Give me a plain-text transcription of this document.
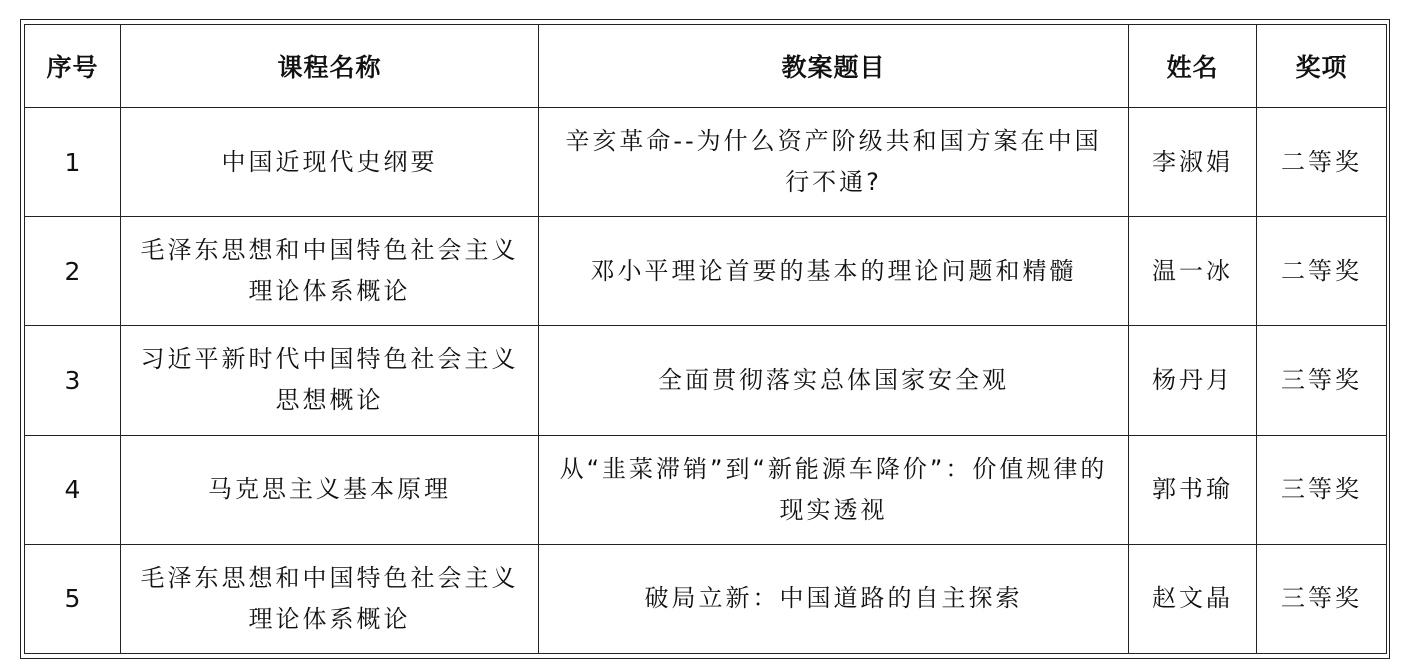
序号	课程名称	教案题目	姓名	奖项
1	中国近现代史纲要	辛亥革命--为什么资产阶级共和国方案在中国行不通?	李淑娟	二等奖
2	毛泽东思想和中国特色社会主义理论体系概论	邓小平理论首要的基本的理论问题和精髓	温一冰	二等奖
3	习近平新时代中国特色社会主义思想概论	全面贯彻落实总体国家安全观	杨丹月	三等奖
4	马克思主义基本原理	从“韭菜滞销”到“新能源车降价”：价值规律的现实透视	郭书瑜	三等奖
5	毛泽东思想和中国特色社会主义理论体系概论	破局立新：中国道路的自主探索	赵文晶	三等奖
